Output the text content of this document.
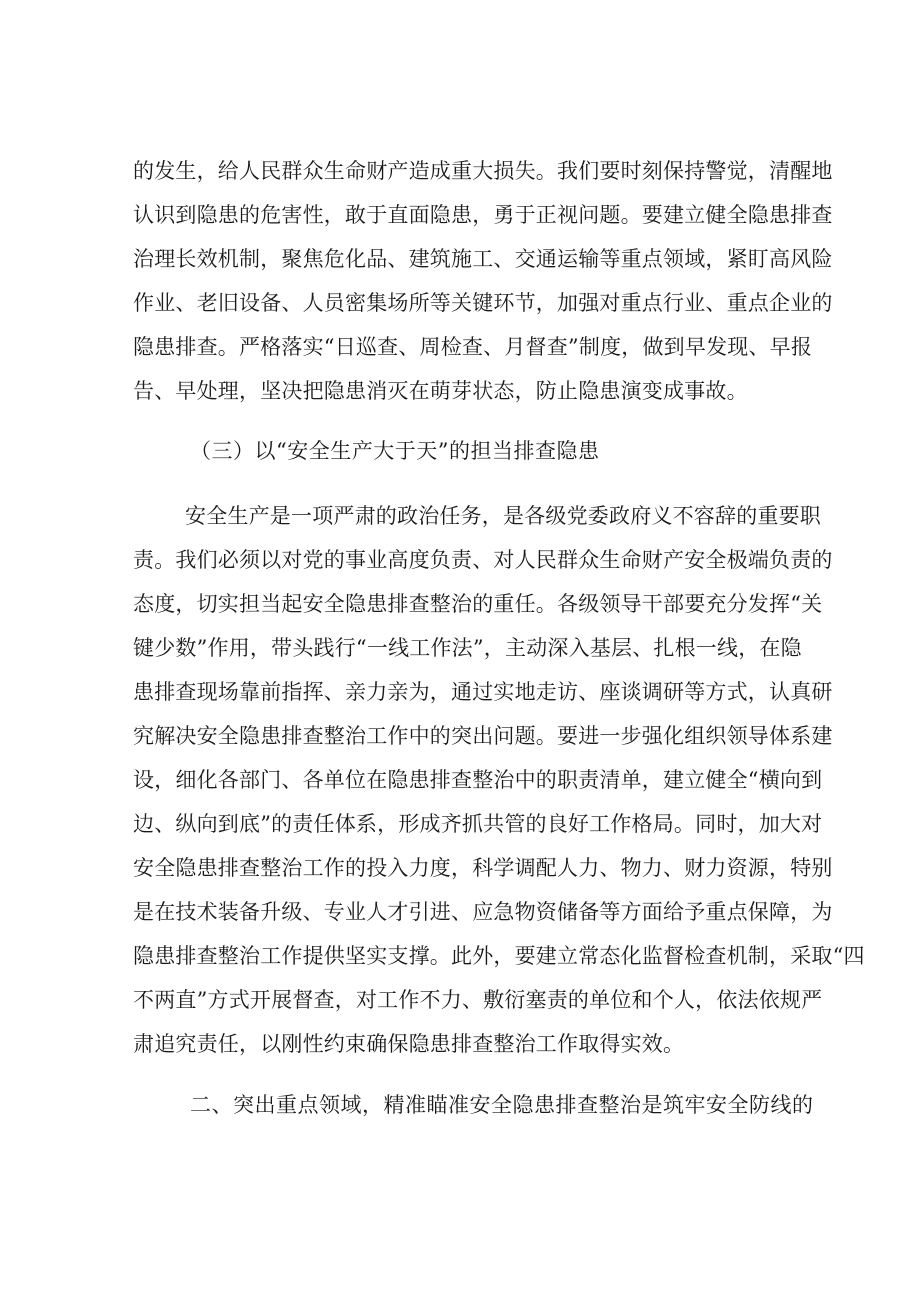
的发生，给人民群众生命财产造成重大损失。我们要时刻保持警觉，清醒地
认识到隐患的危害性，敢于直面隐患，勇于正视问题。要建立健全隐患排查
治理长效机制，聚焦危化品、建筑施工、交通运输等重点领域，紧盯高风险
作业、老旧设备、人员密集场所等关键环节，加强对重点行业、重点企业的
隐患排查。严格落实“日巡查、周检查、月督查”制度，做到早发现、早报
告、早处理，坚决把隐患消灭在萌芽状态，防止隐患演变成事故。
（三）以“安全生产大于天”的担当排查隐患
安全生产是一项严肃的政治任务，是各级党委政府义不容辞的重要职
责。我们必须以对党的事业高度负责、对人民群众生命财产安全极端负责的
态度，切实担当起安全隐患排查整治的重任。各级领导干部要充分发挥“关
键少数”作用，带头践行“一线工作法”，主动深入基层、扎根一线，在隐
患排查现场靠前指挥、亲力亲为，通过实地走访、座谈调研等方式，认真研
究解决安全隐患排查整治工作中的突出问题。要进一步强化组织领导体系建
设，细化各部门、各单位在隐患排查整治中的职责清单，建立健全“横向到
边、纵向到底”的责任体系，形成齐抓共管的良好工作格局。同时，加大对
安全隐患排查整治工作的投入力度，科学调配人力、物力、财力资源，特别
是在技术装备升级、专业人才引进、应急物资储备等方面给予重点保障，为
隐患排查整治工作提供坚实支撑。此外，要建立常态化监督检查机制，采取“四
不两直”方式开展督查，对工作不力、敷衍塞责的单位和个人，依法依规严
肃追究责任，以刚性约束确保隐患排查整治工作取得实效。
二、突出重点领域，精准瞄准安全隐患排查整治是筑牢安全防线的
